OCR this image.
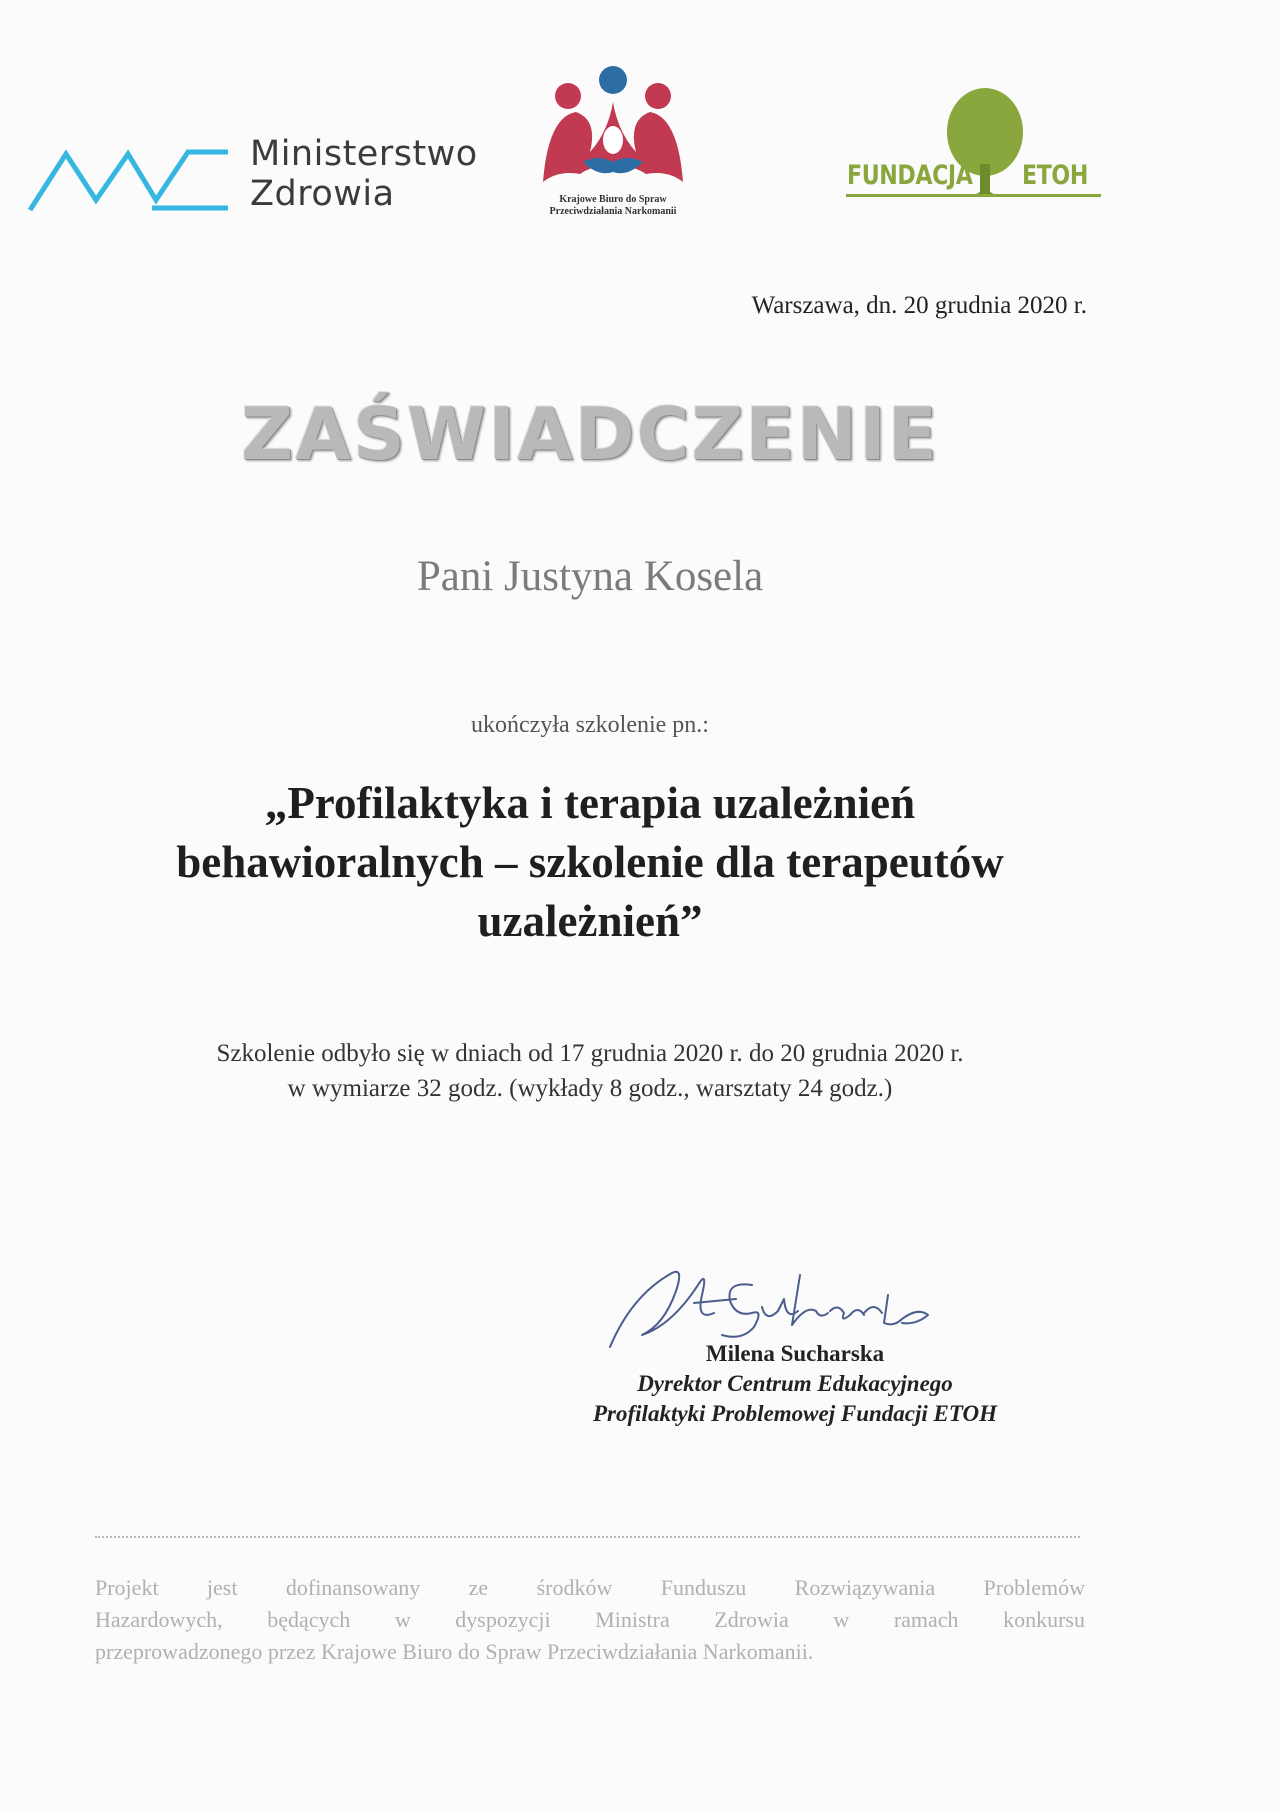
Ministerstwo
Zdrowia	Krajowe Biuro do Spraw
Przeciwdziałania Narkomanii
FUNDACJA ETOH
Warszawa, dn. 20 grudnia 2020 r.
ZAŚWIADCZENIE
Pani Justyna Kosela
ukończyła szkolenie pn.:
„Profilaktyka i terapia uzależnień
behawioralnych – szkolenie dla terapeutów
uzależnień”
Szkolenie odbyło się w dniach od 17 grudnia 2020 r. do 20 grudnia 2020 r.
w wymiarze 32 godz. (wykłady 8 godz., warsztaty 24 godz.)
Milena Sucharska
Dyrektor Centrum Edukacyjnego
Profilaktyki Problemowej Fundacji ETOH
Projekt jest dofinansowany ze środków Funduszu Rozwiązywania Problemów
Hazardowych, będących w dyspozycji Ministra Zdrowia w ramach konkursu
przeprowadzonego przez Krajowe Biuro do Spraw Przeciwdziałania Narkomanii.
